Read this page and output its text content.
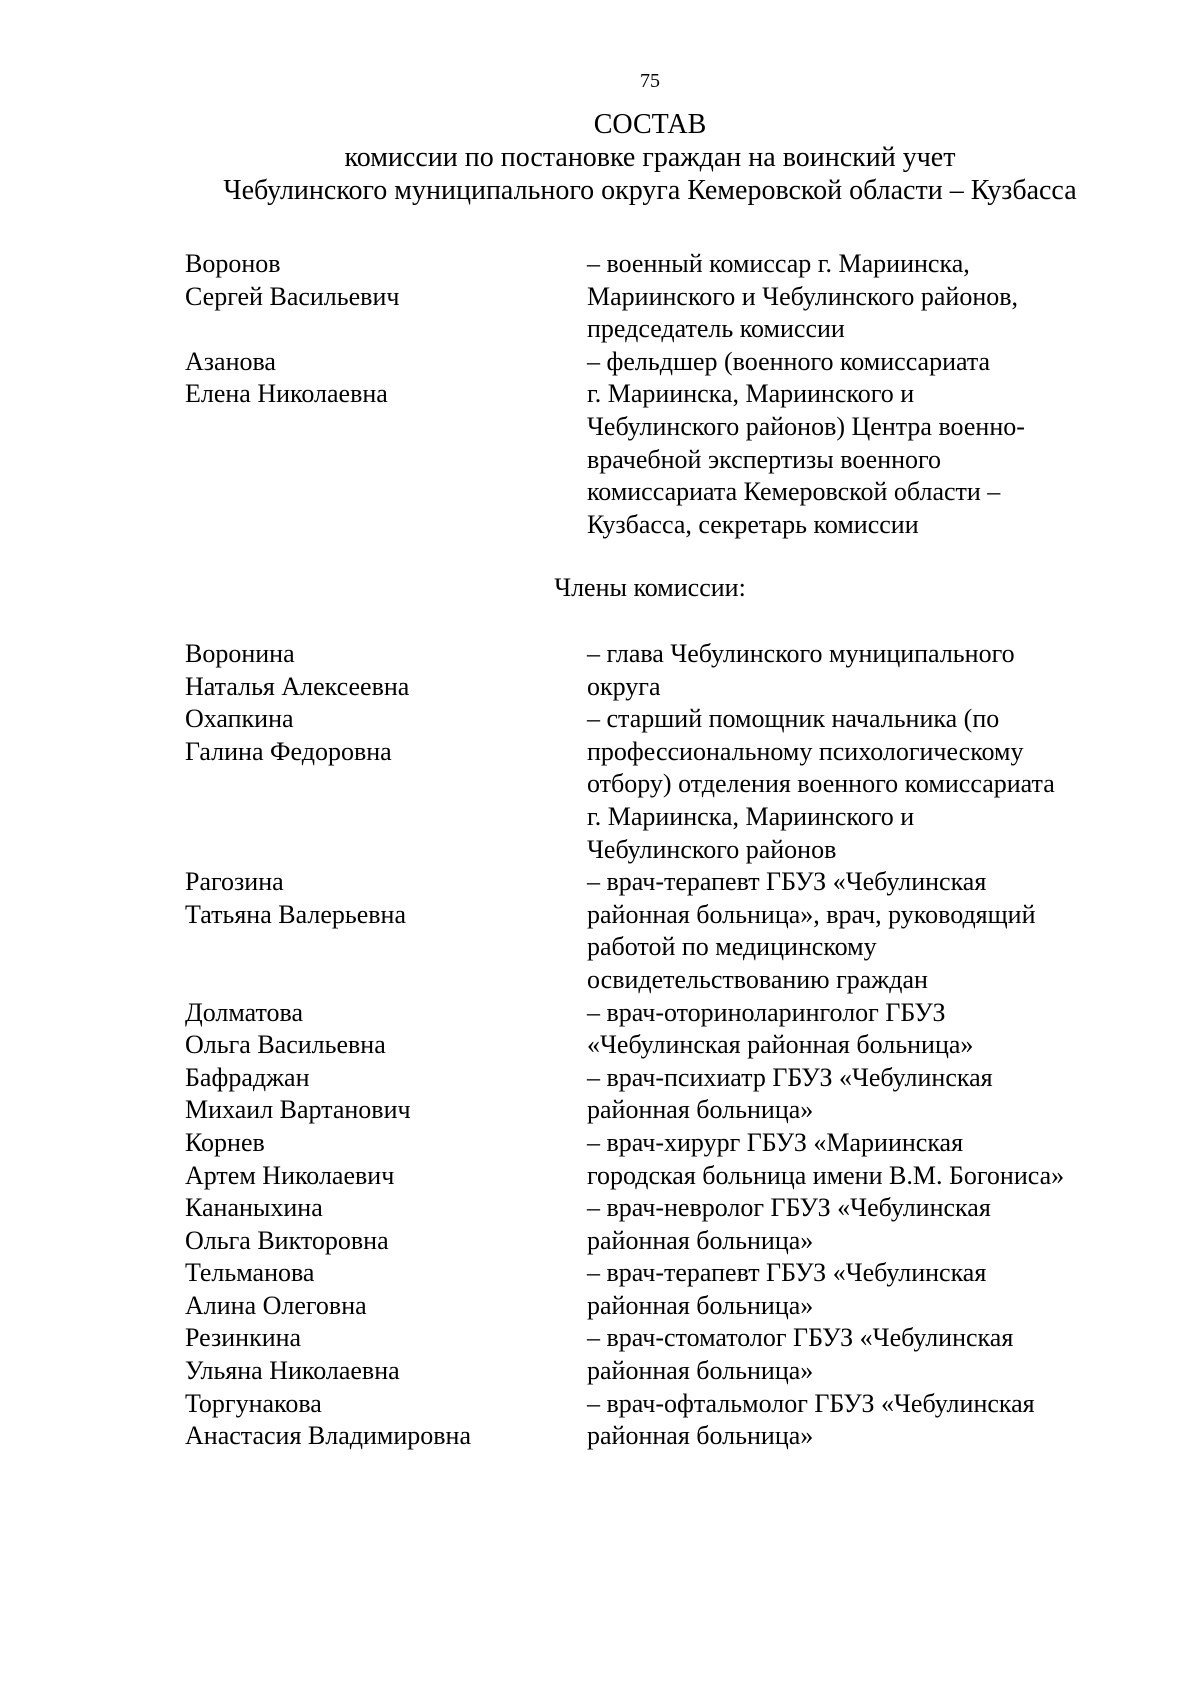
75
СОСТАВ
комиссии по постановке граждан на воинский учет
Чебулинского муниципального округа Кемеровской области – Кузбасса
Воронов
Сергей Васильевич
– военный комиссар г. Мариинска,
Мариинского и Чебулинского районов,
председатель комиссии
Азанова
Елена Николаевна
– фельдшер (военного комиссариата
г. Мариинска, Мариинского и
Чебулинского районов) Центра военно-
врачебной экспертизы военного
комиссариата Кемеровской области –
Кузбасса, секретарь комиссии
Члены комиссии:
Воронина
Наталья Алексеевна
– глава Чебулинского муниципального
округа
Охапкина
Галина Федоровна
– старший помощник начальника (по
профессиональному психологическому
отбору) отделения военного комиссариата
г. Мариинска, Мариинского и
Чебулинского районов
Рагозина
Татьяна Валерьевна
– врач-терапевт ГБУЗ «Чебулинская
районная больница», врач, руководящий
работой по медицинскому
освидетельствованию граждан
Долматова
Ольга Васильевна
– врач-оториноларинголог ГБУЗ
«Чебулинская районная больница»
Бафраджан
Михаил Вартанович
– врач-психиатр ГБУЗ «Чебулинская
районная больница»
Корнев
Артем Николаевич
– врач-хирург ГБУЗ «Мариинская
городская больница имени В.М. Богониса»
Кананыхина
Ольга Викторовна
– врач-невролог ГБУЗ «Чебулинская
районная больница»
Тельманова
Алина Олеговна
– врач-терапевт ГБУЗ «Чебулинская
районная больница»
Резинкина
Ульяна Николаевна
– врач-стоматолог ГБУЗ «Чебулинская
районная больница»
Торгунакова
Анастасия Владимировна
– врач-офтальмолог ГБУЗ «Чебулинская
районная больница»
